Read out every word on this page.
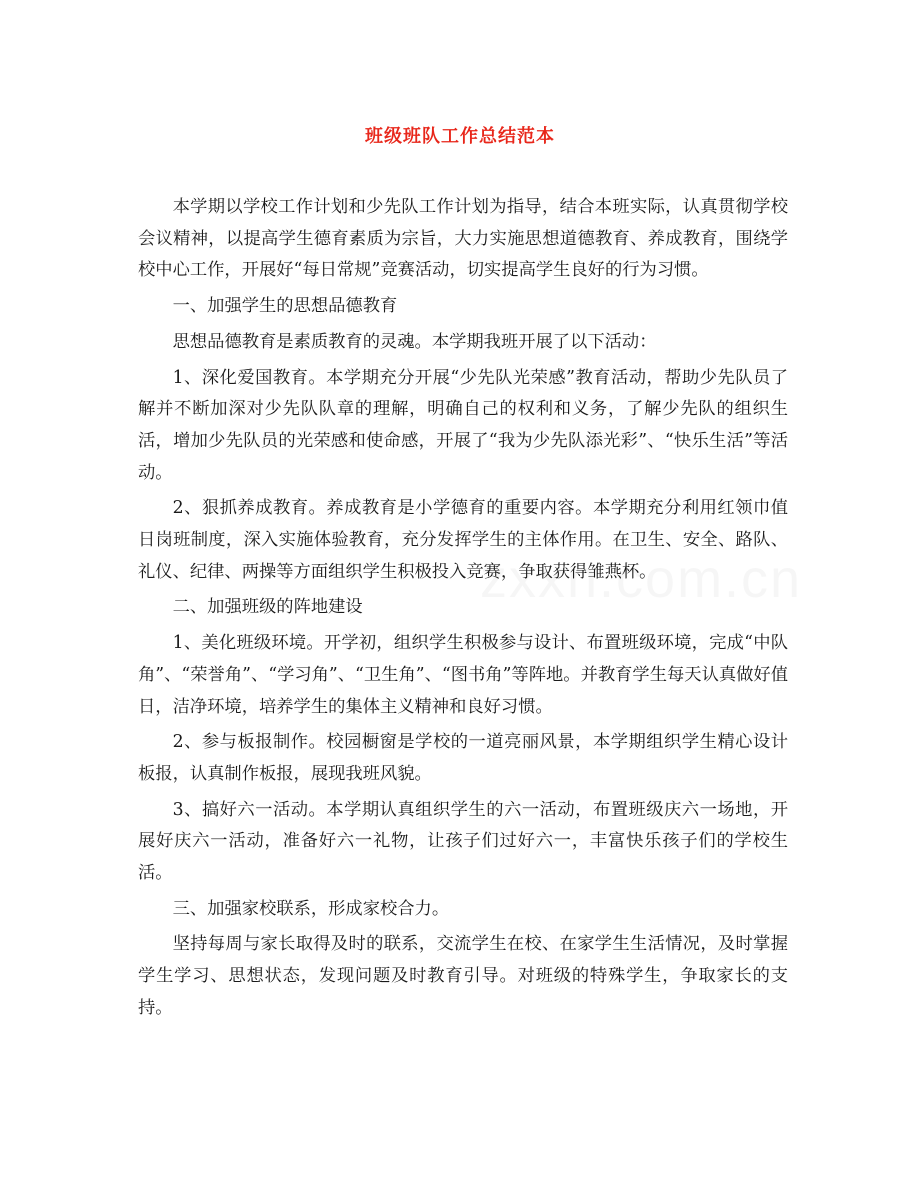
班级班队工作总结范本

本学期以学校工作计划和少先队工作计划为指导，结合本班实际，认真贯彻学校会议精神，以提高学生德育素质为宗旨，大力实施思想道德教育、养成教育，围绕学校中心工作，开展好“每日常规”竞赛活动，切实提高学生良好的行为习惯。

一、加强学生的思想品德教育

思想品德教育是素质教育的灵魂。本学期我班开展了以下活动：

1、深化爱国教育。本学期充分开展“少先队光荣感”教育活动，帮助少先队员了解并不断加深对少先队队章的理解，明确自己的权利和义务，了解少先队的组织生活，增加少先队员的光荣感和使命感，开展了“我为少先队添光彩”、“快乐生活”等活动。

2、狠抓养成教育。养成教育是小学德育的重要内容。本学期充分利用红领巾值日岗班制度，深入实施体验教育，充分发挥学生的主体作用。在卫生、安全、路队、礼仪、纪律、两操等方面组织学生积极投入竞赛，争取获得雏燕杯。

二、加强班级的阵地建设

1、美化班级环境。开学初，组织学生积极参与设计、布置班级环境，完成“中队角”、“荣誉角”、“学习角”、“卫生角”、“图书角”等阵地。并教育学生每天认真做好值日，洁净环境，培养学生的集体主义精神和良好习惯。

2、参与板报制作。校园橱窗是学校的一道亮丽风景，本学期组织学生精心设计板报，认真制作板报，展现我班风貌。

3、搞好六一活动。本学期认真组织学生的六一活动，布置班级庆六一场地，开展好庆六一活动，准备好六一礼物，让孩子们过好六一，丰富快乐孩子们的学校生活。

三、加强家校联系，形成家校合力。

坚持每周与家长取得及时的联系，交流学生在校、在家学生生活情况，及时掌握学生学习、思想状态，发现问题及时教育引导。对班级的特殊学生，争取家长的支持。
